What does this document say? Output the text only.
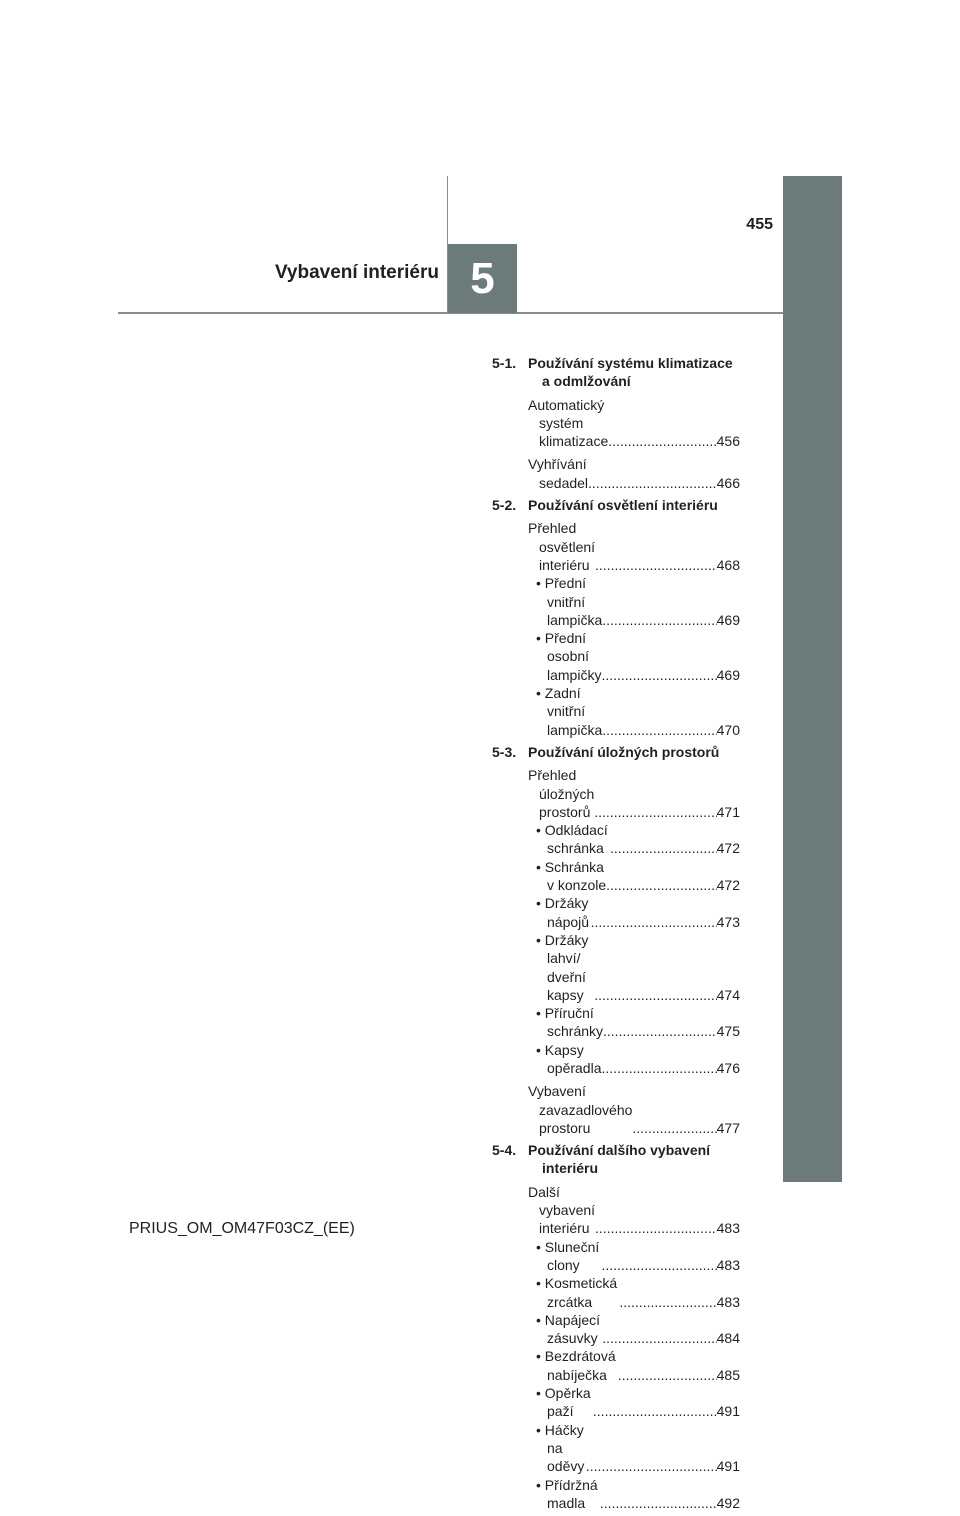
455
Vybavení interiéru 5
5-1. Používání systému klimatizace a odmlžování
Automatický systém klimatizace .....	456
Vyhřívání sedadel .....	466
5-2. Používání osvětlení interiéru
Přehled osvětlení interiéru .....	468
• Přední vnitřní lampička .....	469
• Přední osobní lampičky .....	469
• Zadní vnitřní lampička .....	470
5-3. Používání úložných prostorů
Přehled úložných prostorů .....	471
• Odkládací schránka .....	472
• Schránka v konzole .....	472
• Držáky nápojů .....	473
• Držáky lahví/ dveřní kapsy .....	474
• Příruční schránky .....	475
• Kapsy opěradla .....	476
Vybavení zavazadlového prostoru .....	477
5-4. Používání dalšího vybavení interiéru
Další vybavení interiéru .....	483
• Sluneční clony .....	483
• Kosmetická zrcátka .....	483
• Napájecí zásuvky .....	484
• Bezdrátová nabíječka .....	485
• Opěrka paží .....	491
• Háčky na oděvy .....	491
• Přídržná madla .....	492
PRIUS_OM_OM47F03CZ_(EE)
